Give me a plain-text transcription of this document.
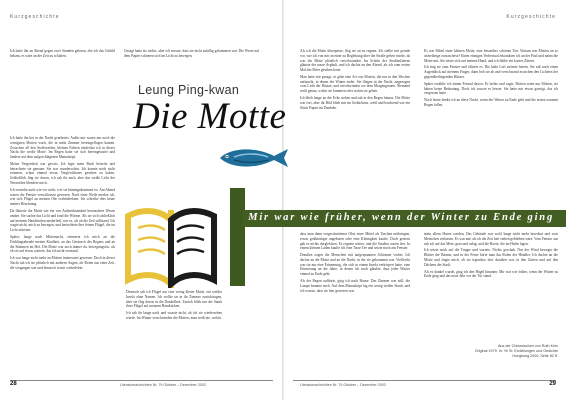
Kurzgeschichte	Kurzgeschichte

Ich hatte ihn an Abend gegen zwei Stunden gelesen, ehe ich das Gefühl bekam, es wäre an der Zeit zu schlafen.

Gesagt hatte sie nichts, aber ich wusste, dass sie nicht zufällig gekommen war. Die Worte auf dem Papier schienen sich im Licht zu bewegen.

Leung Ping-kwan
Die Motte
Mir war wie früher, wenn der Winter zu Ende ging

Ich hatte ihn bei in der Nacht gearbeitet. Außer mir waren nur noch die wenigsten Motten wach, die in mein Zimmer hereingeflogen kamen. Zwischen all den Stoffstreifen, kleinen Faltern entdeckte ich in dieser Nacht die weiße Motte. Im Regen hatte sie sich hereingetastet und landete auf dem aufgeschlagenen Manuskript.

Meine Vergessheit war gewiss. Ich legte mein Buch beiseite und betrachtete sie genauer. Sie war wunderschön. Ich konnte mich nicht erinnern, schon einmal etwas Vergleichbares gesehen zu haben. Schließlich fing sie davon, ich sah ihr nach, aber das weiße Licht der Neonröhre blendete mich.

Ich verstehe nach wie vor nicht, wie sie hineingekommen ist. Am Abend waren die Fenster verschlossen gewesen. Nach einer Weile merkte ich, wie sich Flügel an meinen Ohr vorbeidrehten. Ich schreibe dies heute meiner Beachtung.

Da flatterte die Motte wie ein von Aufmerksamkeit berauschtes Wesen umher. Sie suchte das Licht und fand die Wärme. Als sie sich schließlich auf meinem Handrücken niederließ, war es, als ob die Zeit stillstand. Ich wagte nicht, mich zu bewegen, und betrachtete ihre feinen Flügel, die im Licht zitterten.

Später, lange nach Mitternacht, erinnerte ich mich an die Frühlingsabende meiner Kindheit, an das Geräusch des Regens und an die Stimmen im Hof. Die Motte war noch immer da, bewegungslos, als ob sie auf etwas wartete, das ich nicht verstand.

Ich war lange nicht mehr an Motten interessiert gewesen. Doch in dieser Nacht sah ich sie plötzlich mit anderen Augen, als Boten aus einer Zeit, die vergangen war und dennoch in mir weiterlebte.

Dennoch sah ich Flügel nur eine wenig kleine Motte, ein weißes Insekt ohne Namen. Ich wollte sie in ihr Zimmer zurücktragen, aber sie flog davon in die Dunkelheit. Zurück blieb nur der Staub ihrer Flügel auf meinem Handrücken.

Ich sah ihr lange nach und wusste nicht, ob ich sie wiedersehen würde. Im Winter verschwinden die Motten, man weiß nie, wohin.

Als ich die Motte überquerte, flog sie an zu regnen. Ich stellte mir gerade vor, wie ich von mir an einer zu Begleitung über die Straße gehen würde, da war die Motte plötzlich verschwunden. Im Schein der Straßenlaterne glänzte der nasse Asphalt, und ich dachte an den Abend, als ich zum ersten Mal das Meer gesehen hatte.

Man hatte mir gesagt, es gebe eine Art von Motten, die nur in den Wochen auftaucht, in denen der Winter endet. Sie fliegen in der Nacht, angezogen vom Licht der Häuser, und verschwinden vor dem Morgengrauen. Niemand weiß genau, woher sie kommen oder wohin sie gehen.

Ich blieb lange an der Ecke stehen und sah in den Regen hinaus. Die Motte war fort, aber ihr Bild blieb mir im Gedächtnis, weiß und leuchtend wie ein Stück Papier im Dunkeln.

dass man dann vorgeschnittenes Obst einer Mittel als Taschen mitbringen, etwas großmütiger angeboten oder eine Kleinigkeit kaufte. Doch gestern gab es nichts dergleichen. Es regnete weiter, und die Straßen waren leer. In einem kleinen Laden kaufte ich eine Tasse Tee und setzte mich ans Fenster.

Draußen zogen die Menschen mit aufgespannten Schirmen vorbei. Ich dachte an die Motte und an die Nacht, in der sie gekommen war. Vielleicht war sie nur eine Erinnerung, die sich in einem Insekt verkörpert hatte, eine Erinnerung an die Jahre, in denen ich noch glaubte, dass jeder Winter einmal zu Ende geht.

Als der Regen aufhörte, ging ich nach Hause. Das Zimmer war still, die Lampe brannte noch. Auf dem Manuskript lag ein wenig weißer Staub, und ich wusste, dass sie hier gewesen war.

Es war Mittel einer kleinen Motte, eine besonders schönen Tier. Warum war Motten an so unfreiheige zuwaschesn? Einen einzigen Verhesrual erkrankten ich an der Paul und nahm die Motte mit. Sie setzte sich auf meinen Hand, und ich fühlte ein kurzes Zittern.

Ich trug sie zum Fenster und öffnete es. Die kalte Luft strömte herein. Sie saß noch einen Augenblick auf meinem Finger, dann hob sie ab und verschwand zwischen den Lichtern der gegenüberliegenden Häuser.

Später erzählte ich einem Freund davon. Er lachte und sagte, Motten seien nur Motten, sie hätten keine Bedeutung. Doch ich wusste es besser. Sie hatte mir etwas gezeigt, das ich vergessen hatte.

Noch heute denke ich an diese Nacht, wenn der Winter zu Ende geht und die ersten warmen Regen fallen.

mein allem Hasen werden, Das Gebäude war wohl lange nicht mehr bewohnt und vom Menschen verlassen. Es war mir, als ob die Zeit hier stehen geblieben wäre. Vom Fenster aus sah ich auf das Meer, grau und ruhig, und die Boote, die im Hafen lagen.

Ich setzte mich auf die Treppe und wartete. Nichts geschah. Nur der Wind bewegte die Blätter der Bäume, und in der Ferne hörte man das Rufen der Händler. Ich dachte an die Motte und fragte mich, ob sie irgendwo dort draußen war, in den Gärten und auf den Dächern der Stadt.

Als es dunkel wurde, ging ich den Hügel hinunter. Mir war wie früher, wenn der Winter zu Ende ging und das neue Jahr vor der Tür stand.

Aus der Chinesischen von Ruth Kein
Original 1979. In: Ye Si: Erzählungen und Gedichte
Hongkong 2000, Seite 82 ff.
28	Literaturnachrichten Nr. 79 Oktober – Dezember 2003	Literaturnachrichten Nr. 79 Oktober – Dezember 2003	29
